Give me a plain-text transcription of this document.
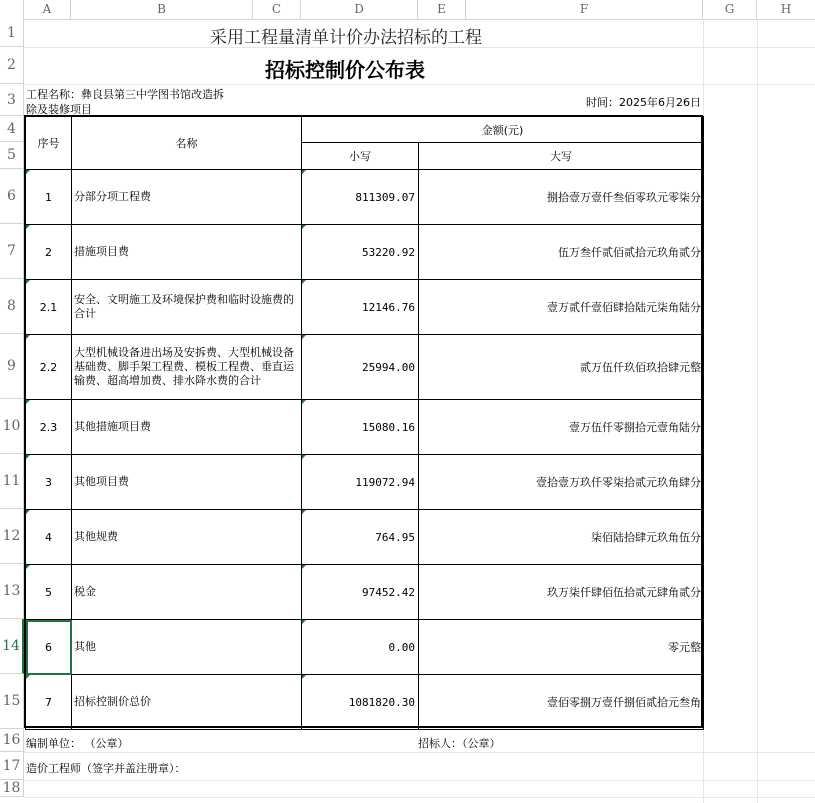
A	B	C	D	E	F	G	H
1
2
3
4
5
6
7
8
9
10
11
12
13
14
15
16
17
18
采用工程量清单计价办法招标的工程
招标控制价公布表
工程名称：彝良县第三中学图书馆改造拆
除及装修项目
时间：2025年6月26日
序号	名称	金额(元)	
		小写	大写
1	分部分项工程费	811309.07	捌拾壹万壹仟叁佰零玖元零柒分
2	措施项目费	53220.92	伍万叁仟贰佰贰拾元玖角贰分
2.1	安全、文明施工及环境保护费和临时设施费的合计	12146.76	壹万贰仟壹佰肆拾陆元柒角陆分
2.2	大型机械设备进出场及安拆费、大型机械设备基础费、脚手架工程费、模板工程费、垂直运输费、超高增加费、排水降水费的合计	25994.00	贰万伍仟玖佰玖拾肆元整
2.3	其他措施项目费	15080.16	壹万伍仟零捌拾元壹角陆分
3	其他项目费	119072.94	壹拾壹万玖仟零柒拾贰元玖角肆分
4	其他规费	764.95	柒佰陆拾肆元玖角伍分
5	税金	97452.42	玖万柒仟肆佰伍拾贰元肆角贰分
6	其他	0.00	零元整
7	招标控制价总价	1081820.30	壹佰零捌万壹仟捌佰贰拾元叁角
编制单位： （公章）	招标人：（公章）
造价工程师（签字并盖注册章）：
